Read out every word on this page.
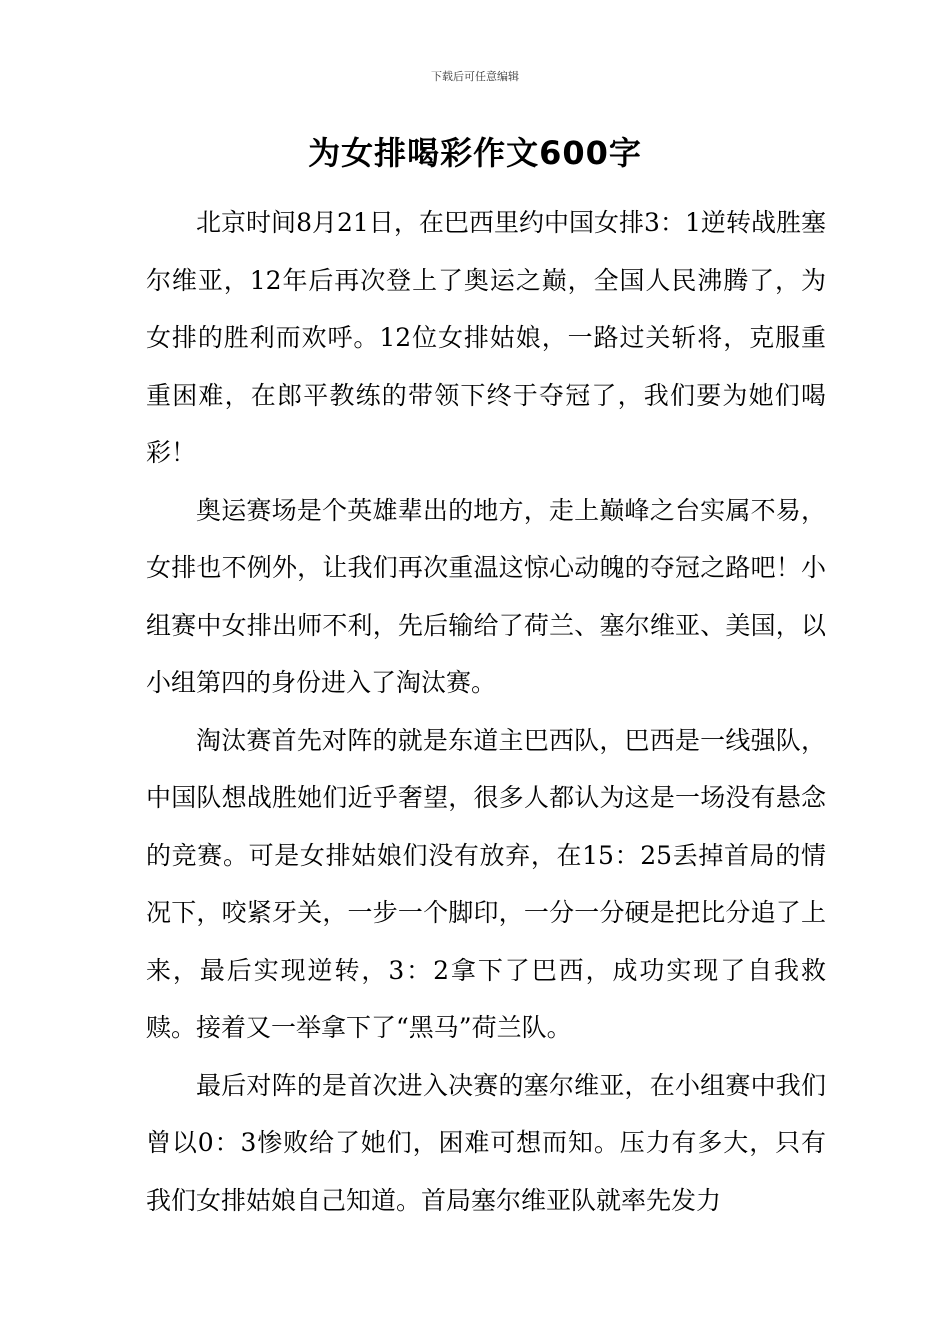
下载后可任意编辑
为女排喝彩作文600字

北京时间8月21日，在巴西里约中国女排3：1逆转战胜塞尔维亚，12年后再次登上了奥运之巅，全国人民沸腾了，为女排的胜利而欢呼。12位女排姑娘，一路过关斩将，克服重重困难，在郎平教练的带领下终于夺冠了，我们要为她们喝彩！

奥运赛场是个英雄辈出的地方，走上巅峰之台实属不易，女排也不例外，让我们再次重温这惊心动魄的夺冠之路吧！小组赛中女排出师不利，先后输给了荷兰、塞尔维亚、美国，以小组第四的身份进入了淘汰赛。

淘汰赛首先对阵的就是东道主巴西队，巴西是一线强队，中国队想战胜她们近乎奢望，很多人都认为这是一场没有悬念的竞赛。可是女排姑娘们没有放弃，在15：25丢掉首局的情况下，咬紧牙关，一步一个脚印，一分一分硬是把比分追了上来，最后实现逆转，3：2拿下了巴西，成功实现了自我救赎。接着又一举拿下了“黑马”荷兰队。

最后对阵的是首次进入决赛的塞尔维亚，在小组赛中我们曾以0：3惨败给了她们，困难可想而知。压力有多大，只有我们女排姑娘自己知道。首局塞尔维亚队就率先发力
